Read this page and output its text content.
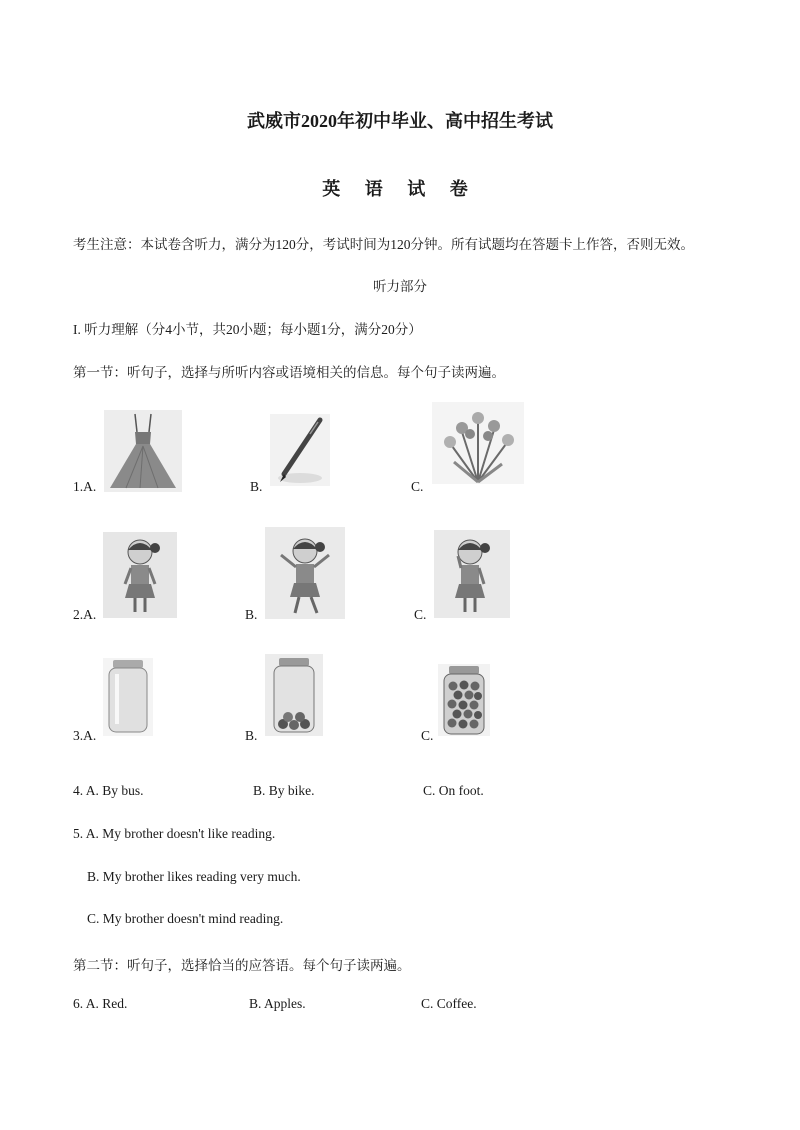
武威市2020年初中毕业、高中招生考试
英 语 试 卷
考生注意：本试卷含听力，满分为120分，考试时间为120分钟。所有试题均在答题卡上作答，否则无效。
听力部分
I. 听力理解（分4小节，共20小题；每小题1分，满分20分）
第一节：听句子，选择与所听内容或语境相关的信息。每个句子读两遍。
1.A.	B.	C.
2.A.	B.	C.
3.A.	B.	C.
4. A. By bus.	B. By bike.	C. On foot.
5. A. My brother doesn't like reading.
B. My brother likes reading very much.
C. My brother doesn't mind reading.
第二节：听句子，选择恰当的应答语。每个句子读两遍。
6. A. Red.	B. Apples.	C. Coffee.
